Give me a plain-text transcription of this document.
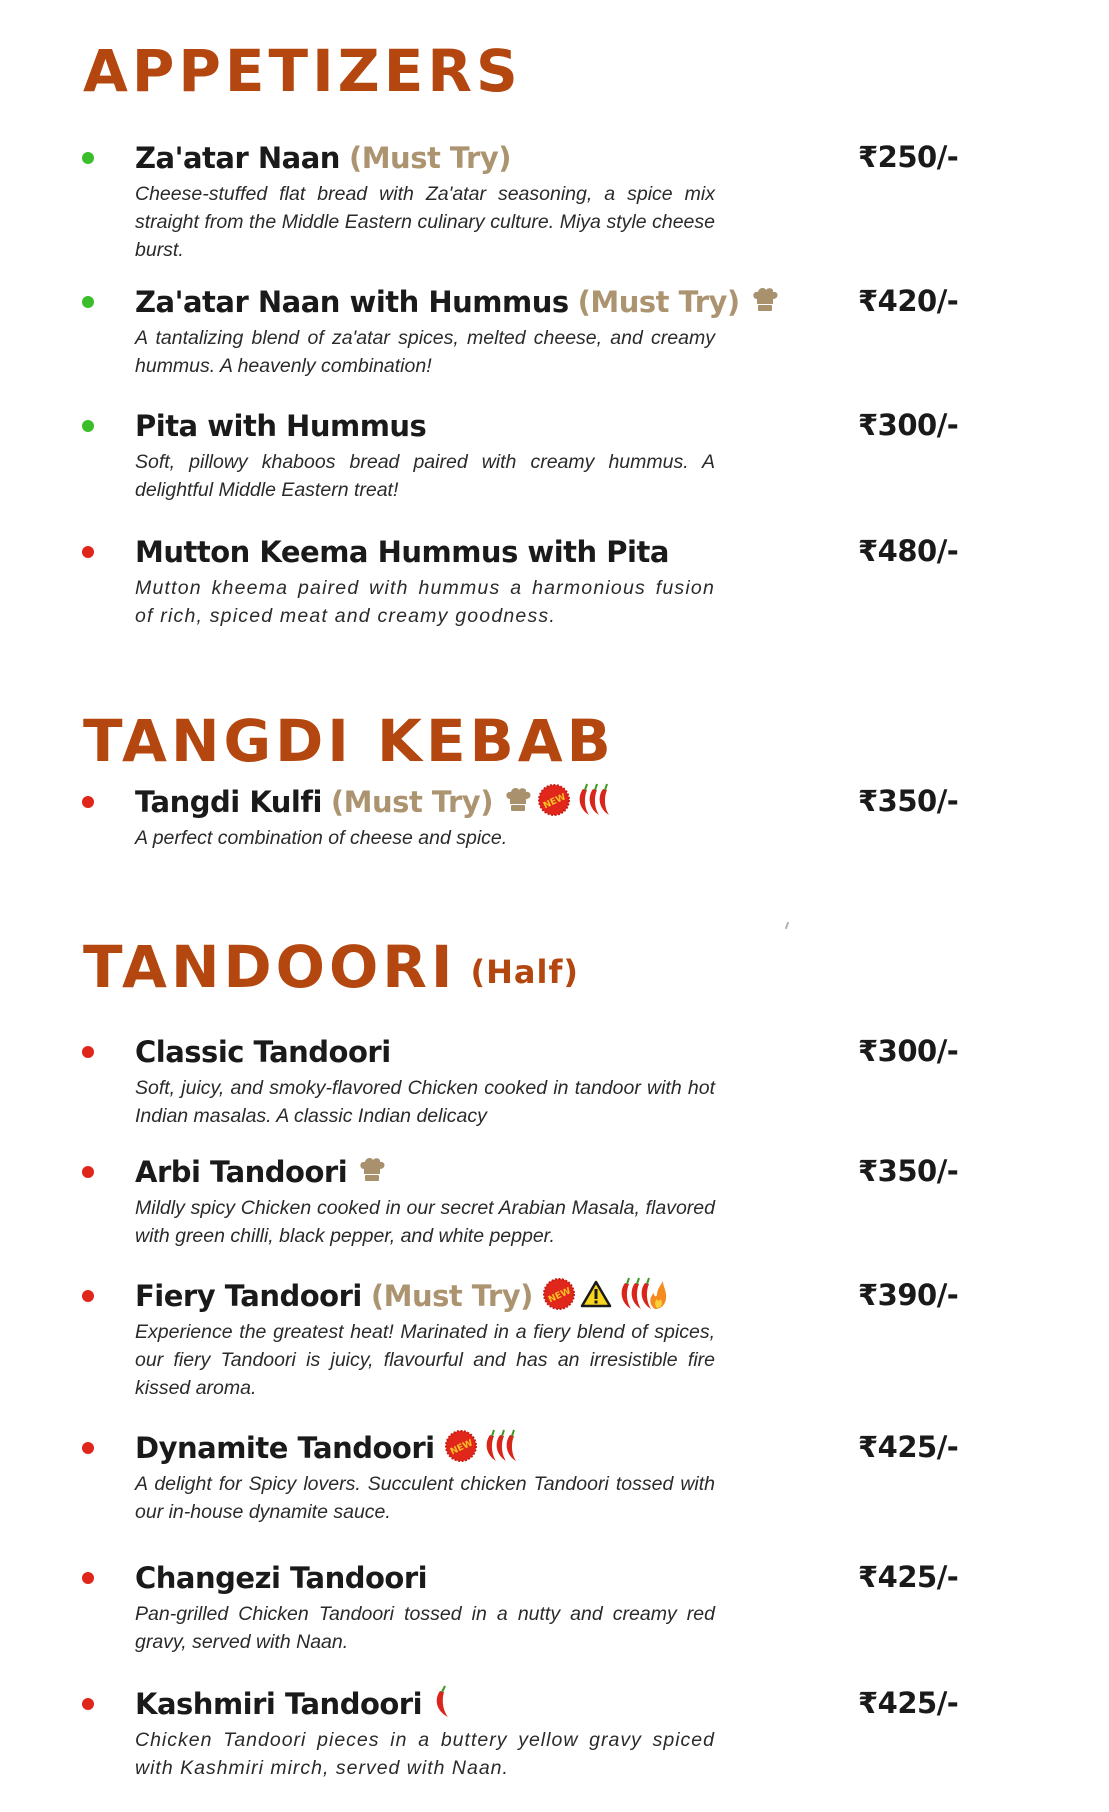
APPETIZERS
Za'atar Naan (Must Try)

Cheese-stuffed flat bread with Za'atar seasoning, a spice mix straight from the Middle Eastern culinary culture. Miya style cheese burst.

₹250/-
Za'atar Naan with Hummus (Must Try)

A tantalizing blend of za'atar spices, melted cheese, and creamy hummus. A heavenly combination!

₹420/-
Pita with Hummus

Soft, pillowy khaboos bread paired with creamy hummus. A delightful Middle Eastern treat!

₹300/-
Mutton Keema Hummus with Pita

Mutton kheema paired with hummus a harmonious fusion of rich, spiced meat and creamy goodness.

₹480/-
TANGDI KEBAB
Tangdi Kulfi (Must Try)	NEW

A perfect combination of cheese and spice.

₹350/-
TANDOORI (Half)
Classic Tandoori

Soft, juicy, and smoky-flavored Chicken cooked in tandoor with hot Indian masalas. A classic Indian delicacy

₹300/-
Arbi Tandoori

Mildly spicy Chicken cooked in our secret Arabian Masala, flavored with green chilli, black pepper, and white pepper.

₹350/-
Fiery Tandoori (Must Try) NEW

Experience the greatest heat! Marinated in a fiery blend of spices, our fiery Tandoori is juicy, flavourful and has an irresistible fire kissed aroma.

₹390/-
Dynamite Tandoori NEW

A delight for Spicy lovers. Succulent chicken Tandoori tossed with our in-house dynamite sauce.

₹425/-
Changezi Tandoori

Pan-grilled Chicken Tandoori tossed in a nutty and creamy red gravy, served with Naan.

₹425/-
Kashmiri Tandoori

Chicken Tandoori pieces in a buttery yellow gravy spiced with Kashmiri mirch, served with Naan.

₹425/-
